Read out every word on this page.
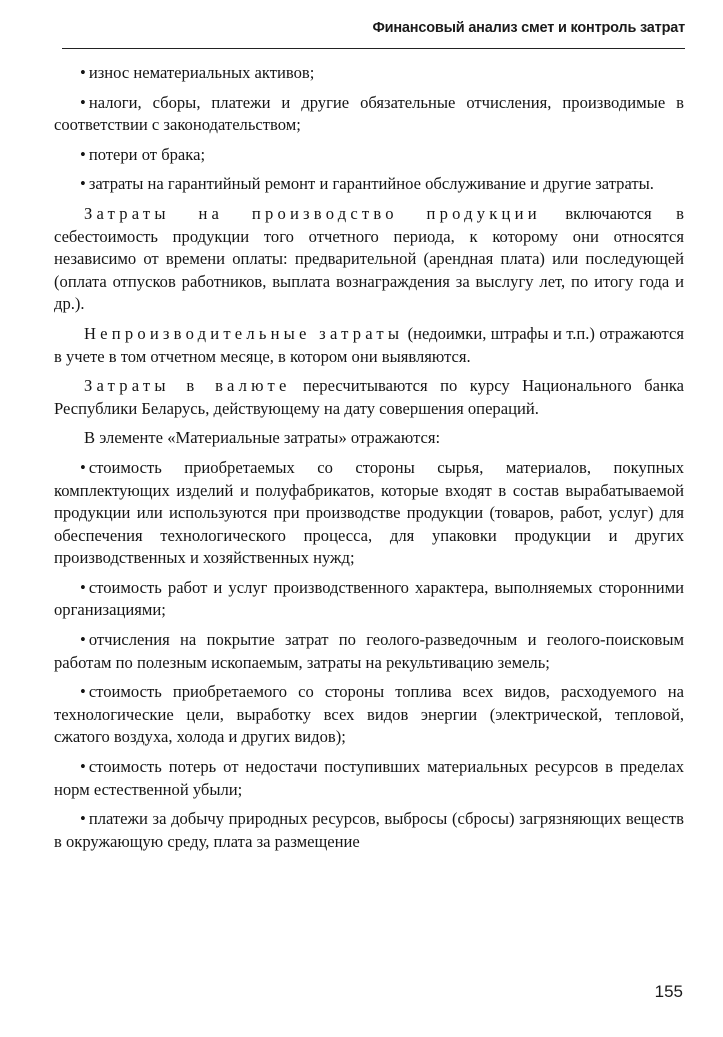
Финансовый анализ смет и контроль затрат

• износ нематериальных активов;

• налоги, сборы, платежи и другие обязательные отчисления, производимые в соответствии с законодательством;

• потери от брака;

• затраты на гарантийный ремонт и гарантийное обслуживание и другие затраты.

Затраты на производство продукции включаются в себестоимость продукции того отчетного периода, к которому они относятся независимо от времени оплаты: предварительной (арендная плата) или последующей (оплата отпусков работников, выплата вознаграждения за выслугу лет, по итогу года и др.).

Непроизводительные затраты (недоимки, штрафы и т.п.) отражаются в учете в том отчетном месяце, в котором они выявляются.

Затраты в валюте пересчитываются по курсу Национального банка Республики Беларусь, действующему на дату совершения операций.

В элементе «Материальные затраты» отражаются:

• стоимость приобретаемых со стороны сырья, материалов, покупных комплектующих изделий и полуфабрикатов, которые входят в состав вырабатываемой продукции или используются при производстве продукции (товаров, работ, услуг) для обеспечения технологического процесса, для упаковки продукции и других производственных и хозяйственных нужд;

• стоимость работ и услуг производственного характера, выполняемых сторонними организациями;

• отчисления на покрытие затрат по геолого-разведочным и геолого-поисковым работам по полезным ископаемым, затраты на рекультивацию земель;

• стоимость приобретаемого со стороны топлива всех видов, расходуемого на технологические цели, выработку всех видов энергии (электрической, тепловой, сжатого воздуха, холода и других видов);

• стоимость потерь от недостачи поступивших материальных ресурсов в пределах норм естественной убыли;

• платежи за добычу природных ресурсов, выбросы (сбросы) загрязняющих веществ в окружающую среду, плата за размещение

155
